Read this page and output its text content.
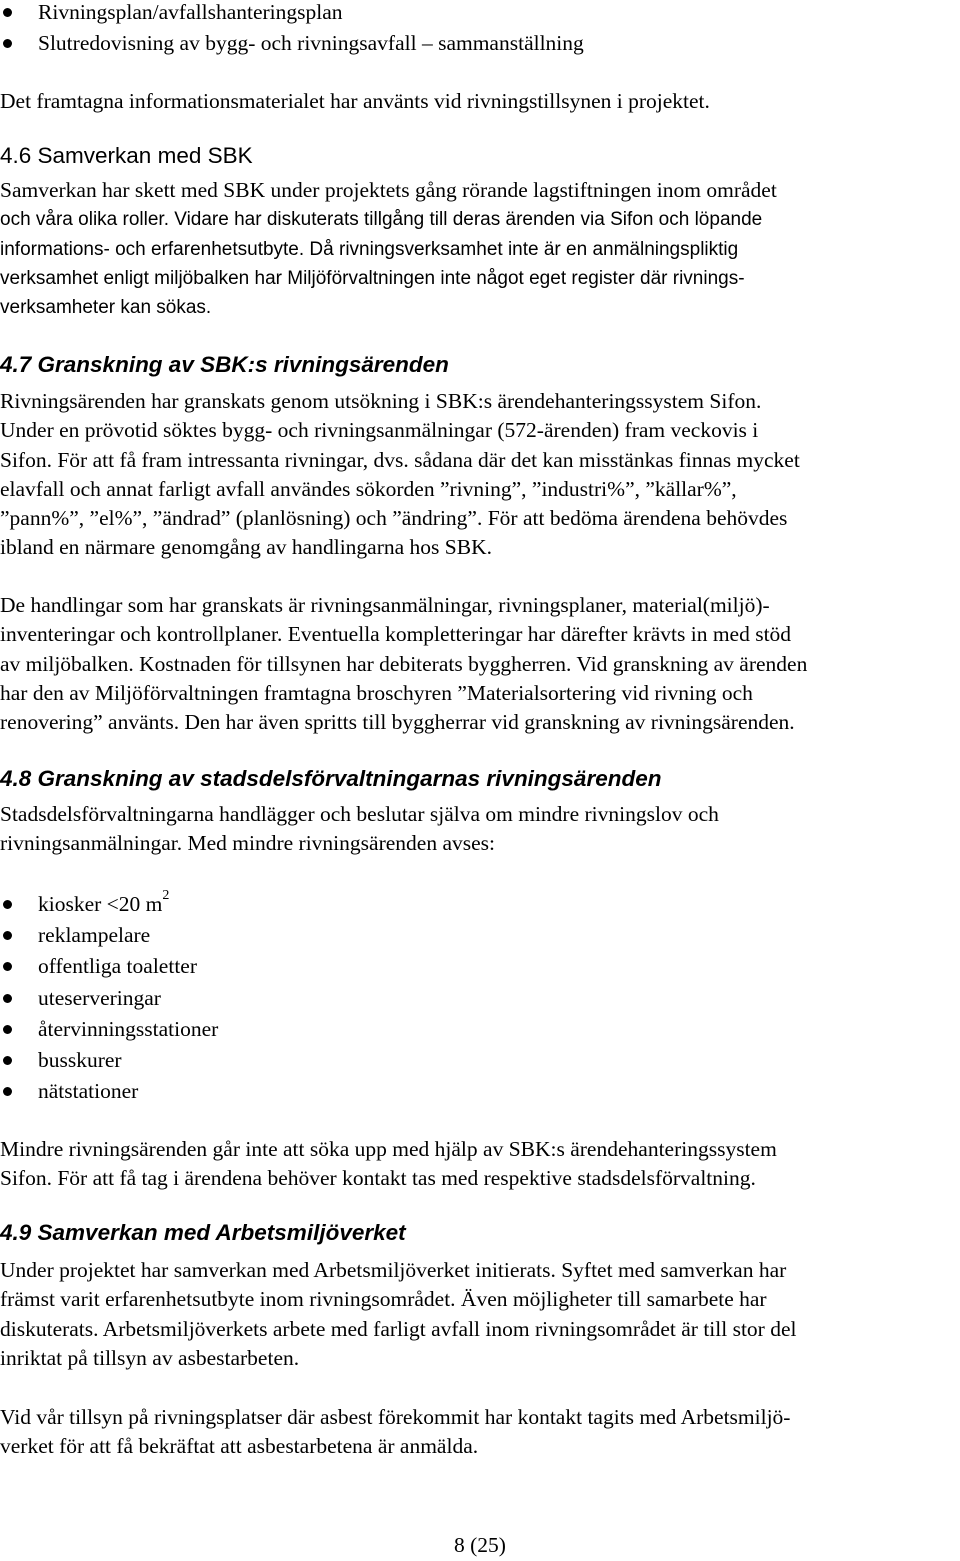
Rivningsplan/avfallshanteringsplan
Slutredovisning av bygg- och rivningsavfall – sammanställning

Det framtagna informationsmaterialet har använts vid rivningstillsynen i projektet.

4.6 Samverkan med SBK

Samverkan har skett med SBK under projektets gång rörande lagstiftningen inom området
och våra olika roller. Vidare har diskuterats tillgång till deras ärenden via Sifon och löpande
informations- och erfarenhetsutbyte. Då rivningsverksamhet inte är en anmälningspliktig
verksamhet enligt miljöbalken har Miljöförvaltningen inte något eget register där rivnings-
verksamheter kan sökas.

4.7 Granskning av SBK:s rivningsärenden

Rivningsärenden har granskats genom utsökning i SBK:s ärendehanteringssystem Sifon.
Under en prövotid söktes bygg- och rivningsanmälningar (572-ärenden) fram veckovis i
Sifon. För att få fram intressanta rivningar, dvs. sådana där det kan misstänkas finnas mycket
elavfall och annat farligt avfall användes sökorden ”rivning”, ”industri%”, ”källar%”,
”pann%”, ”el%”, ”ändrad” (planlösning) och ”ändring”. För att bedöma ärendena behövdes
ibland en närmare genomgång av handlingarna hos SBK.

De handlingar som har granskats är rivningsanmälningar, rivningsplaner, material(miljö)-
inventeringar och kontrollplaner. Eventuella kompletteringar har därefter krävts in med stöd
av miljöbalken. Kostnaden för tillsynen har debiterats byggherren. Vid granskning av ärenden
har den av Miljöförvaltningen framtagna broschyren ”Materialsortering vid rivning och
renovering” använts. Den har även spritts till byggherrar vid granskning av rivningsärenden.

4.8 Granskning av stadsdelsförvaltningarnas rivningsärenden

Stadsdelsförvaltningarna handlägger och beslutar själva om mindre rivningslov och
rivningsanmälningar. Med mindre rivningsärenden avses:

kiosker <20 $m^2$
reklampelare
offentliga toaletter
uteserveringar
återvinningsstationer
busskurer
nätstationer

Mindre rivningsärenden går inte att söka upp med hjälp av SBK:s ärendehanteringssystem
Sifon. För att få tag i ärendena behöver kontakt tas med respektive stadsdelsförvaltning.

4.9 Samverkan med Arbetsmiljöverket

Under projektet har samverkan med Arbetsmiljöverket initierats. Syftet med samverkan har
främst varit erfarenhetsutbyte inom rivningsområdet. Även möjligheter till samarbete har
diskuterats. Arbetsmiljöverkets arbete med farligt avfall inom rivningsområdet är till stor del
inriktat på tillsyn av asbestarbeten.

Vid vår tillsyn på rivningsplatser där asbest förekommit har kontakt tagits med Arbetsmiljö-
verket för att få bekräftat att asbestarbetena är anmälda.

8 (25)
